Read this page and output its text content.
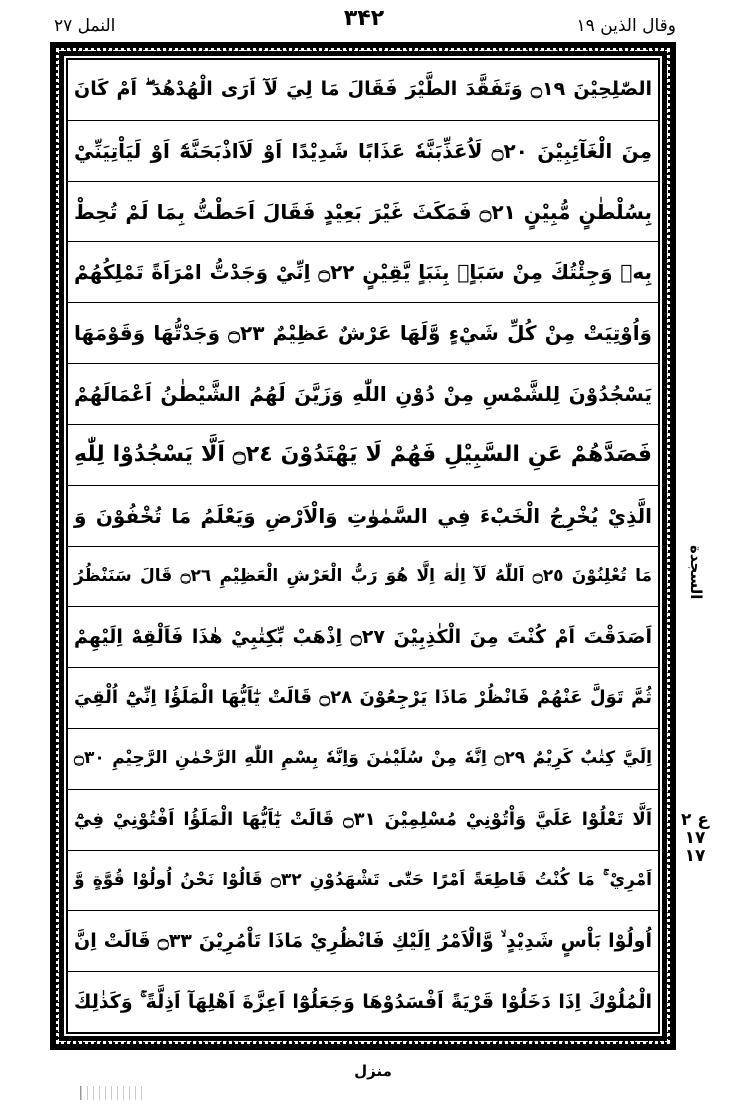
النمل ۲۷	۳۴۲	وقال الذين ۱۹
الصّٰلِحِيْنَ ۝١٩ وَتَفَقَّدَ الطَّيْرَ فَقَالَ مَا لِيَ لَآ اَرَى الْهُدْهُدَ ۖ اَمْ كَانَ
مِنَ الْغَآئِبِيْنَ ۝٢٠ لَاُعَذِّبَنَّهٗ عَذَابًا شَدِيْدًا اَوْ لَاَاذْبَحَنَّهٗٓ اَوْ لَيَاْتِيَنِّيْ
بِسُلْطٰنٍ مُّبِيْنٍ ۝٢١ فَمَكَثَ غَيْرَ بَعِيْدٍ فَقَالَ اَحَطْتُّ بِمَا لَمْ تُحِطْ
بِهٖ وَجِئْتُكَ مِنْ سَبَاٍۭ بِنَبَاٍ يَّقِيْنٍ ۝٢٢ اِنِّيْ وَجَدْتُّ امْرَاَةً تَمْلِكُهُمْ
وَاُوْتِيَتْ مِنْ كُلِّ شَيْءٍ وَّلَهَا عَرْشٌ عَظِيْمٌ ۝٢٣ وَجَدْتُّهَا وَقَوْمَهَا
يَسْجُدُوْنَ لِلشَّمْسِ مِنْ دُوْنِ اللّٰهِ وَزَيَّنَ لَهُمُ الشَّيْطٰنُ اَعْمَالَهُمْ
فَصَدَّهُمْ عَنِ السَّبِيْلِ فَهُمْ لَا يَهْتَدُوْنَ ۝٢٤ اَلَّا يَسْجُدُوْا لِلّٰهِ
الَّذِيْ يُخْرِجُ الْخَبْءَ فِي السَّمٰوٰتِ وَالْاَرْضِ وَيَعْلَمُ مَا تُخْفُوْنَ وَ
مَا تُعْلِنُوْنَ ۝٢٥ اَللّٰهُ لَآ اِلٰهَ اِلَّا هُوَ رَبُّ الْعَرْشِ الْعَظِيْمِ ۝٢٦ قَالَ سَنَنْظُرُ
اَصَدَقْتَ اَمْ كُنْتَ مِنَ الْكٰذِبِيْنَ ۝٢٧ اِذْهَبْ بِّكِتٰبِيْ هٰذَا فَاَلْقِهْ اِلَيْهِمْ
ثُمَّ تَوَلَّ عَنْهُمْ فَانْظُرْ مَاذَا يَرْجِعُوْنَ ۝٢٨ قَالَتْ يٰٓاَيُّهَا الْمَلَؤُا اِنِّيْٓ اُلْقِيَ
اِلَيَّ كِتٰبٌ كَرِيْمٌ ۝٢٩ اِنَّهٗ مِنْ سُلَيْمٰنَ وَاِنَّهٗ بِسْمِ اللّٰهِ الرَّحْمٰنِ الرَّحِيْمِ ۝٣٠
اَلَّا تَعْلُوْا عَلَيَّ وَاْتُوْنِيْ مُسْلِمِيْنَ ۝٣١ قَالَتْ يٰٓاَيُّهَا الْمَلَؤُا اَفْتُوْنِيْ فِيْٓ
اَمْرِيْ ۚ مَا كُنْتُ قَاطِعَةً اَمْرًا حَتّٰى تَشْهَدُوْنِ ۝٣٢ قَالُوْا نَحْنُ اُولُوْا قُوَّةٍ وَّ
اُولُوْا بَاْسٍ شَدِيْدٍ ۙ وَّالْاَمْرُ اِلَيْكِ فَانْظُرِيْ مَاذَا تَاْمُرِيْنَ ۝٣٣ قَالَتْ اِنَّ
الْمُلُوْكَ اِذَا دَخَلُوْا قَرْيَةً اَفْسَدُوْهَا وَجَعَلُوْٓا اَعِزَّةَ اَهْلِهَآ اَذِلَّةً ۚ وَكَذٰلِكَ
السجدة
ع ۲ ۱۷ ۱۷
منزل
